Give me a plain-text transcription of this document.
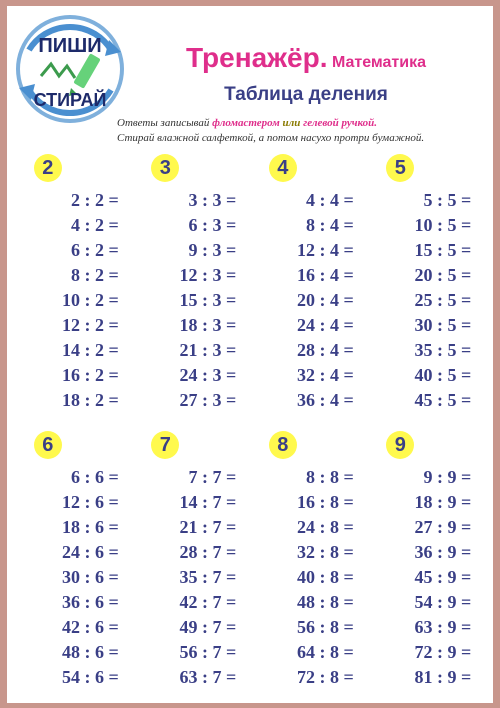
ПИШИ
СТИРАЙ
Тренажёр. Математика
Таблица деления
Ответы записывай фломастером или гелевой ручкой.
Стирай влажной салфеткой, а потом насухо протри бумажной.
2
2 : 2 =
4 : 2 =
6 : 2 =
8 : 2 =
10 : 2 =
12 : 2 =
14 : 2 =
16 : 2 =
18 : 2 =
3
3 : 3 =
6 : 3 =
9 : 3 =
12 : 3 =
15 : 3 =
18 : 3 =
21 : 3 =
24 : 3 =
27 : 3 =
4
4 : 4 =
8 : 4 =
12 : 4 =
16 : 4 =
20 : 4 =
24 : 4 =
28 : 4 =
32 : 4 =
36 : 4 =
5
5 : 5 =
10 : 5 =
15 : 5 =
20 : 5 =
25 : 5 =
30 : 5 =
35 : 5 =
40 : 5 =
45 : 5 =
6
6 : 6 =
12 : 6 =
18 : 6 =
24 : 6 =
30 : 6 =
36 : 6 =
42 : 6 =
48 : 6 =
54 : 6 =
7
7 : 7 =
14 : 7 =
21 : 7 =
28 : 7 =
35 : 7 =
42 : 7 =
49 : 7 =
56 : 7 =
63 : 7 =
8
8 : 8 =
16 : 8 =
24 : 8 =
32 : 8 =
40 : 8 =
48 : 8 =
56 : 8 =
64 : 8 =
72 : 8 =
9
9 : 9 =
18 : 9 =
27 : 9 =
36 : 9 =
45 : 9 =
54 : 9 =
63 : 9 =
72 : 9 =
81 : 9 =
